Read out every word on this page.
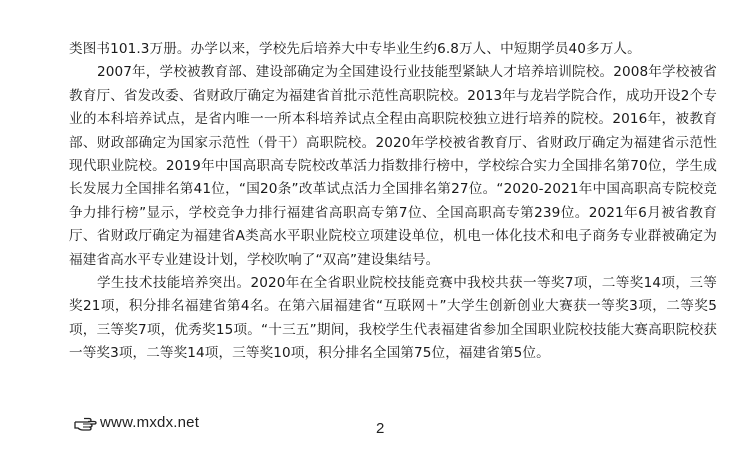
类图书101.3万册。办学以来，学校先后培养大中专毕业生约6.8万人、中短期学员40多万人。

2007年，学校被教育部、建设部确定为全国建设行业技能型紧缺人才培养培训院校。2008年学校被省教育厅、省发改委、省财政厅确定为福建省首批示范性高职院校。2013年与龙岩学院合作，成功开设2个专业的本科培养试点，是省内唯一一所本科培养试点全程由高职院校独立进行培养的院校。2016年，被教育部、财政部确定为国家示范性（骨干）高职院校。2020年学校被省教育厅、省财政厅确定为福建省示范性现代职业院校。2019年中国高职高专院校改革活力指数排行榜中，学校综合实力全国排名第70位，学生成长发展力全国排名第41位，“国20条”改革试点活力全国排名第27位。“2020-2021年中国高职高专院校竞争力排行榜”显示，学校竞争力排行福建省高职高专第7位、全国高职高专第239位。2021年6月被省教育厅、省财政厅确定为福建省A类高水平职业院校立项建设单位，机电一体化技术和电子商务专业群被确定为福建省高水平专业建设计划，学校吹响了“双高”建设集结号。

学生技术技能培养突出。2020年在全省职业院校技能竞赛中我校共获一等奖7项，二等奖14项，三等奖21项，积分排名福建省第4名。在第六届福建省“互联网＋”大学生创新创业大赛获一等奖3项，二等奖5项，三等奖7项，优秀奖15项。“十三五”期间，我校学生代表福建省参加全国职业院校技能大赛高职院校获一等奖3项，二等奖14项，三等奖10项，积分排名全国第75位，福建省第5位。

www.mxdx.net	2
